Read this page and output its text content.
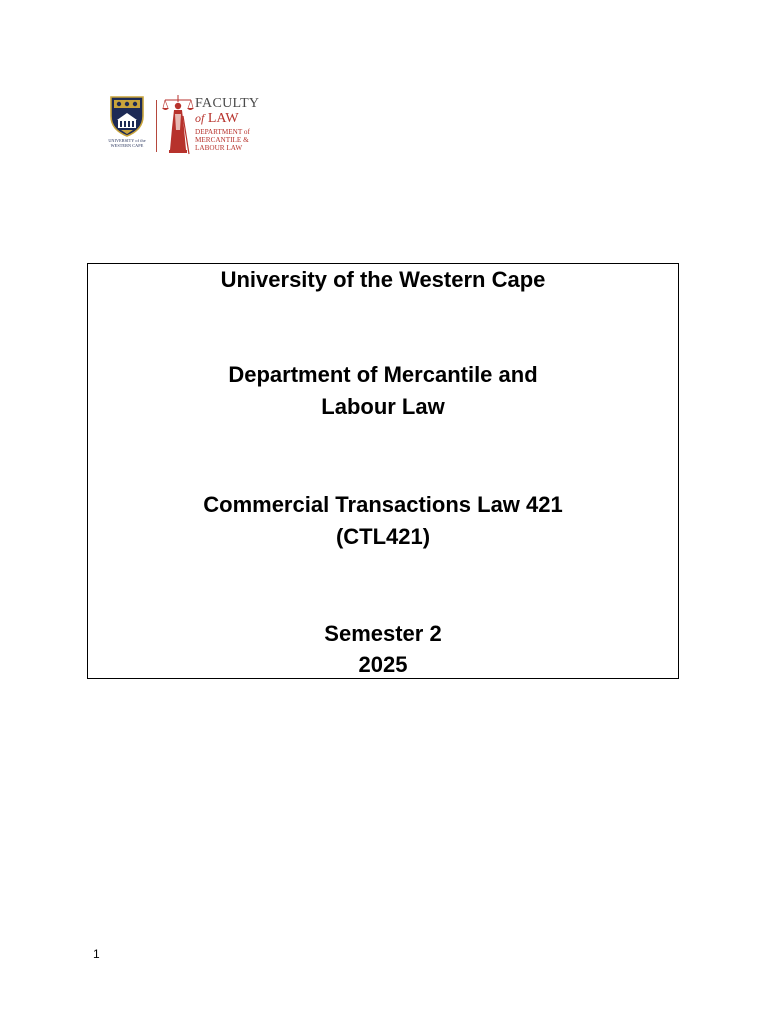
UNIVERSITY of the
WESTERN CAPE
FACULTY
of LAW
DEPARTMENT of
MERCANTILE &
LABOUR LAW
University of the Western Cape
Department of Mercantile and
Labour Law
Commercial Transactions Law 421
(CTL421)
Semester 2
2025
1
